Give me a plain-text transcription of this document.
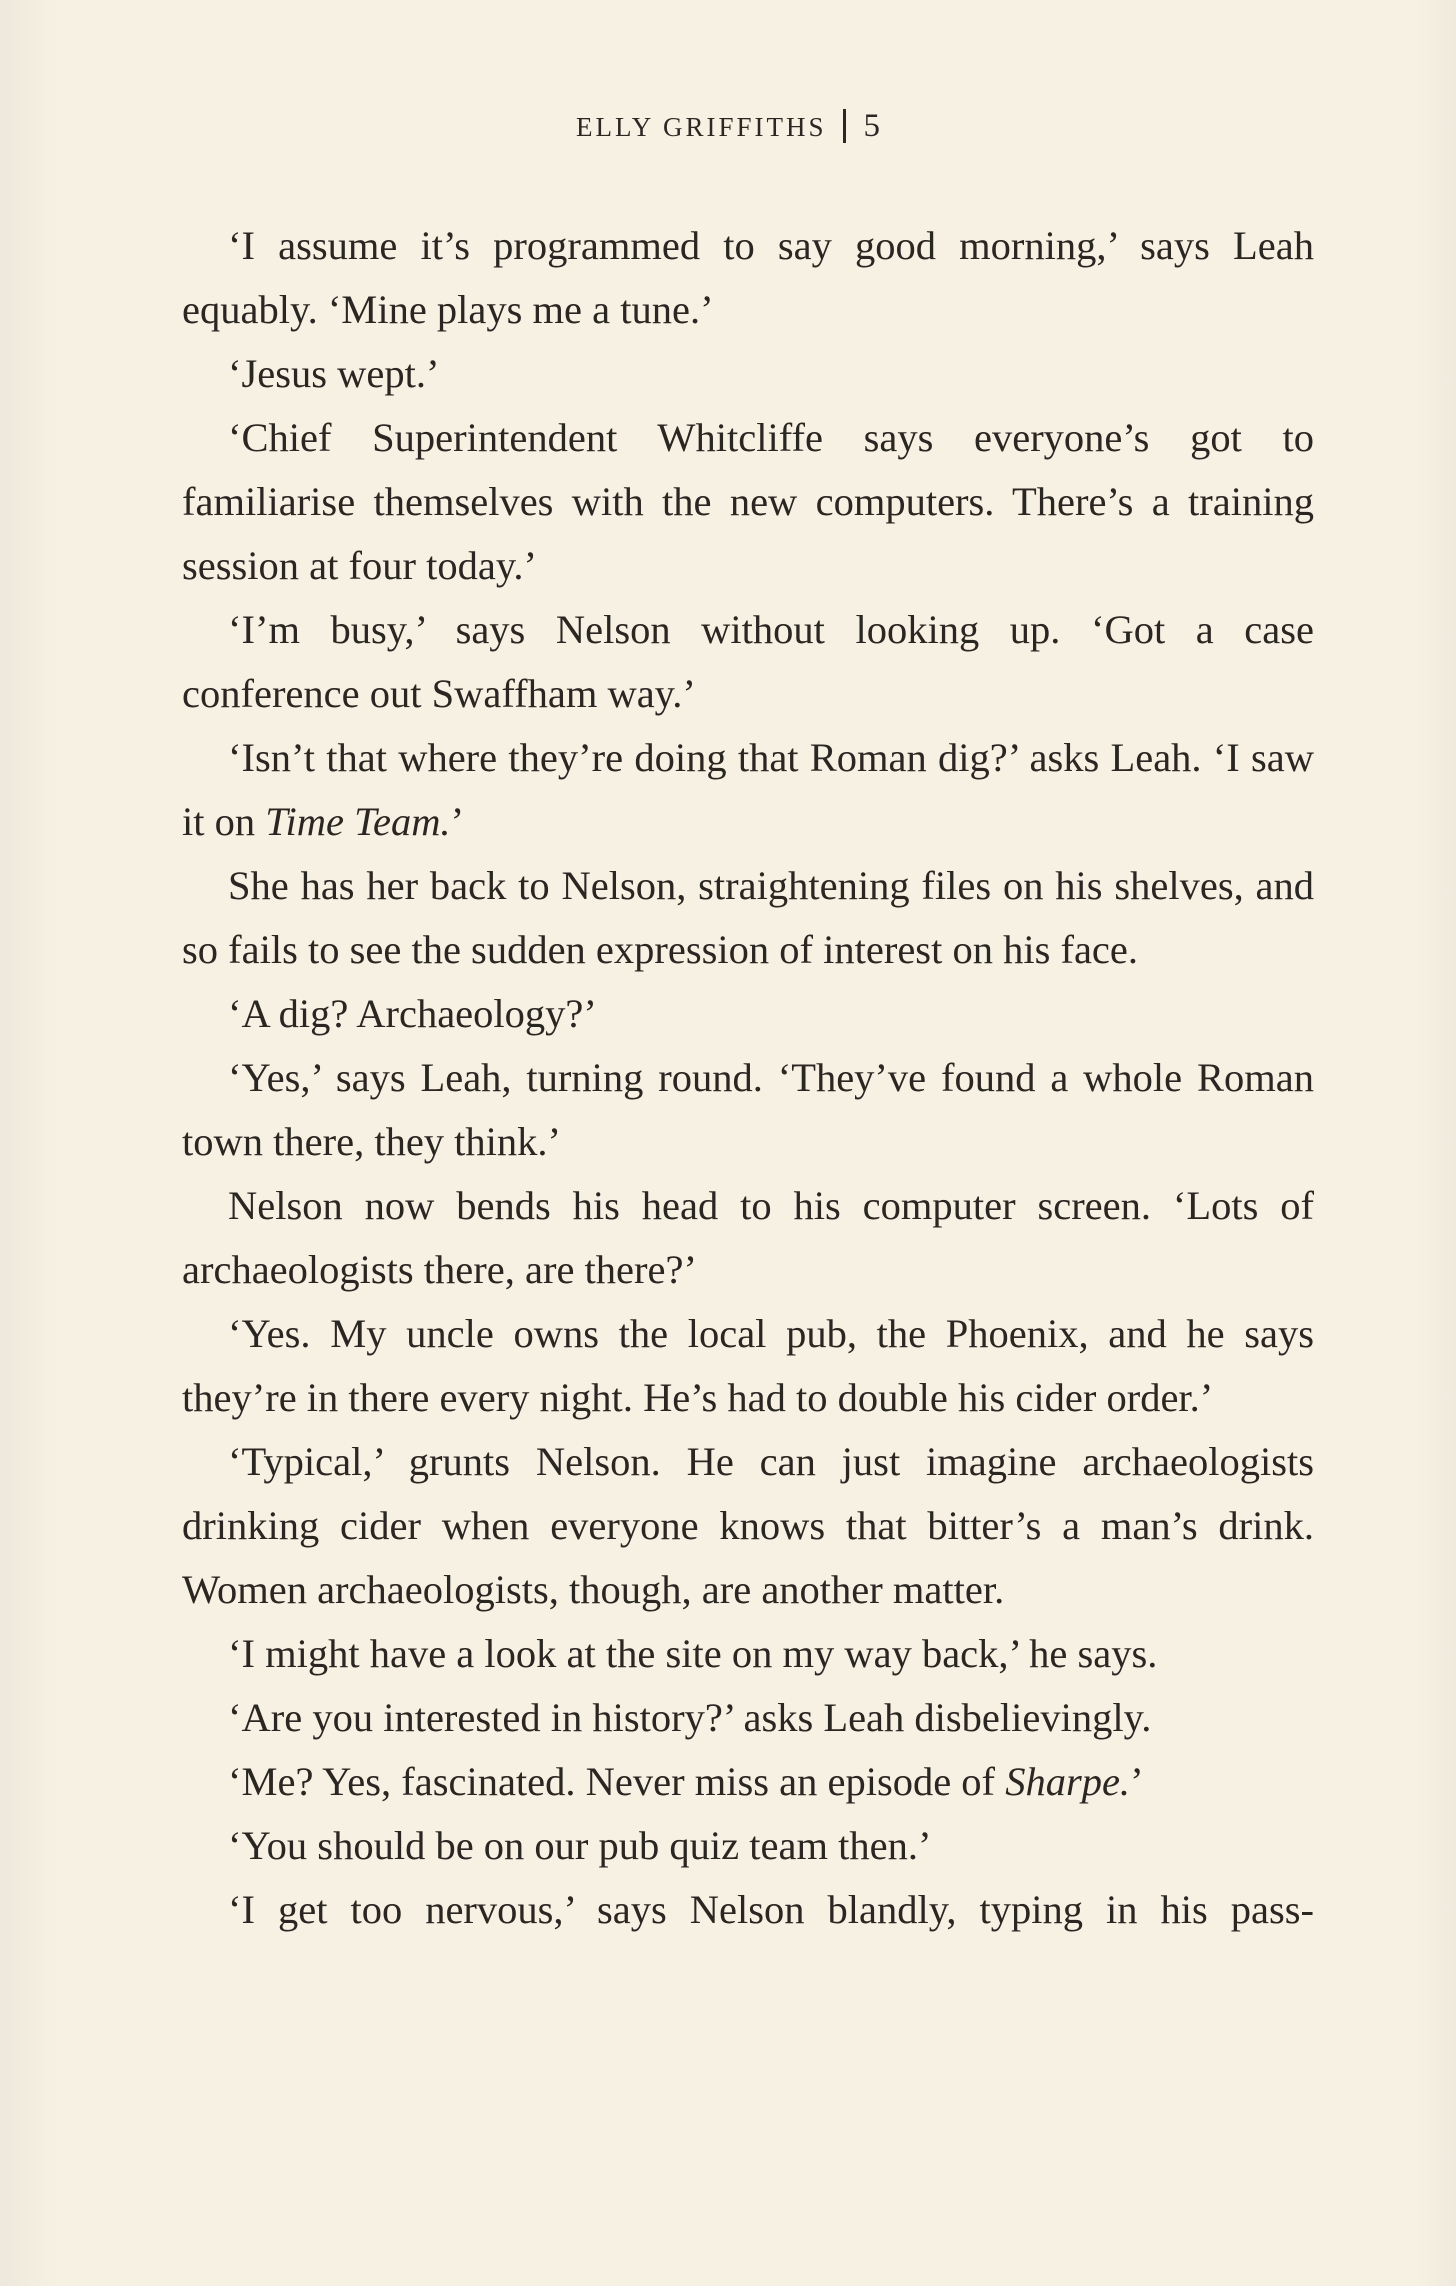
ELLY GRIFFITHS 5

‘I assume it’s programmed to say good morning,’ says Leah equably. ‘Mine plays me a tune.’

‘Jesus wept.’

‘Chief Superintendent Whitcliffe says everyone’s got to familiarise themselves with the new computers. There’s a training session at four today.’

‘I’m busy,’ says Nelson without looking up. ‘Got a case conference out Swaffham way.’

‘Isn’t that where they’re doing that Roman dig?’ asks Leah. ‘I saw it on Time Team.’

She has her back to Nelson, straightening files on his shelves, and so fails to see the sudden expression of interest on his face.

‘A dig? Archaeology?’

‘Yes,’ says Leah, turning round. ‘They’ve found a whole Roman town there, they think.’

Nelson now bends his head to his computer screen. ‘Lots of archaeologists there, are there?’

‘Yes. My uncle owns the local pub, the Phoenix, and he says they’re in there every night. He’s had to double his cider order.’

‘Typical,’ grunts Nelson. He can just imagine archaeologists drinking cider when everyone knows that bitter’s a man’s drink. Women archaeologists, though, are another matter.

‘I might have a look at the site on my way back,’ he says.

‘Are you interested in history?’ asks Leah disbelievingly.

‘Me? Yes, fascinated. Never miss an episode of Sharpe.’

‘You should be on our pub quiz team then.’

‘I get too nervous,’ says Nelson blandly, typing in his pass-
